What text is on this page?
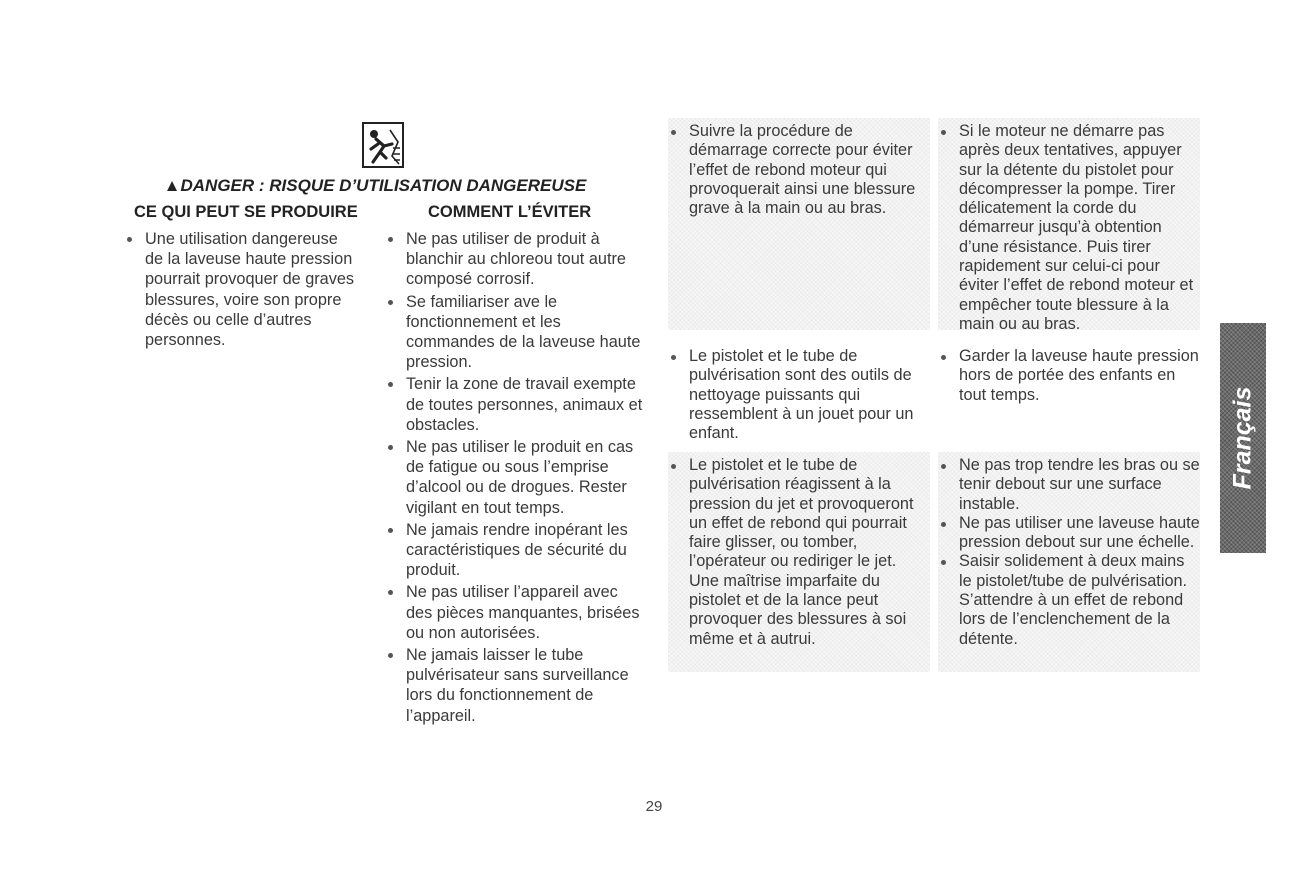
▲DANGER : RISQUE D’UTILISATION DANGEREUSE
CE QUI PEUT SE PRODUIRE	COMMENT L’ÉVITER
Une utilisation dangereuse de la laveuse haute pression pourrait provoquer de graves blessures, voire son propre décès ou celle d’autres personnes.
Ne pas utiliser de produit à blanchir au chloreou tout autre composé corrosif.
Se familiariser ave le fonctionnement et les commandes de la laveuse haute pression.
Tenir la zone de travail exempte de toutes personnes, animaux et obstacles.
Ne pas utiliser le produit en cas de fatigue ou sous l’emprise d’alcool ou de drogues. Rester vigilant en tout temps.
Ne jamais rendre inopérant les caractéristiques de sécurité du produit.
Ne pas utiliser l’appareil avec des pièces manquantes, brisées ou non autorisées.
Ne jamais laisser le tube pulvérisateur sans surveillance lors du fonctionnement de l’appareil.
Suivre la procédure de démarrage correcte pour éviter l’effet de rebond moteur qui provoquerait ainsi une blessure grave à la main ou au bras.
Si le moteur ne démarre pas après deux tentatives, appuyer sur la détente du pistolet pour décompresser la pompe. Tirer délicatement la corde du démarreur jusqu’à obtention d’une résistance. Puis tirer rapidement sur celui-ci pour éviter l’effet de rebond moteur et empêcher toute blessure à la main ou au bras.
Le pistolet et le tube de pulvérisation sont des outils de nettoyage puissants qui ressemblent à un jouet pour un enfant.
Garder la laveuse haute pression hors de portée des enfants en tout temps.
Le pistolet et le tube de pulvérisation réagissent à la pression du jet et provoqueront un effet de rebond qui pourrait faire glisser, ou tomber, l’opérateur ou rediriger le jet. Une maîtrise imparfaite du pistolet et de la lance peut provoquer des blessures à soi même et à autrui.
Ne pas trop tendre les bras ou se tenir debout sur une surface instable.
Ne pas utiliser une laveuse haute pression debout sur une échelle.
Saisir solidement à deux mains le pistolet/tube de pulvérisation. S’attendre à un effet de rebond lors de l’enclenchement de la détente.
Français
29
